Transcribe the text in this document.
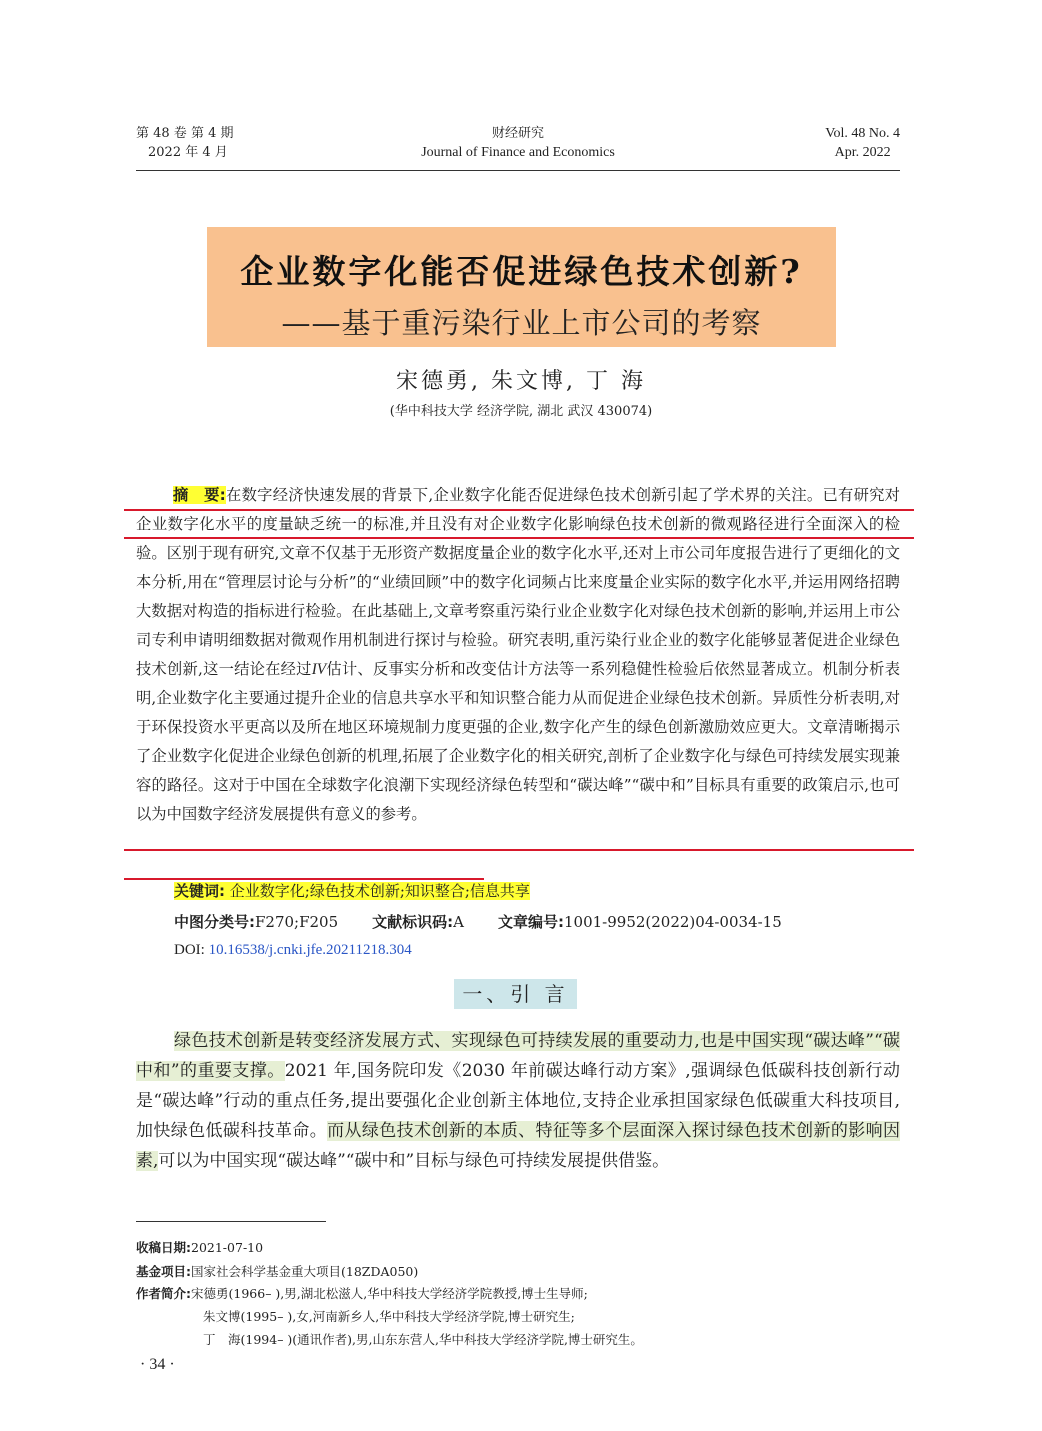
第 48 卷 第 4 期
2022 年 4 月
财经研究
Journal of Finance and Economics
Vol. 48 No. 4
Apr. 2022
企业数字化能否促进绿色技术创新?
——基于重污染行业上市公司的考察
宋德勇, 朱文博, 丁 海
(华中科技大学 经济学院, 湖北 武汉 430074)

摘　要:在数字经济快速发展的背景下,企业数字化能否促进绿色技术创新引起了学术界的关注。已有研究对企业数字化水平的度量缺乏统一的标准,并且没有对企业数字化影响绿色技术创新的微观路径进行全面深入的检验。区别于现有研究,文章不仅基于无形资产数据度量企业的数字化水平,还对上市公司年度报告进行了更细化的文本分析,用在“管理层讨论与分析”的“业绩回顾”中的数字化词频占比来度量企业实际的数字化水平,并运用网络招聘大数据对构造的指标进行检验。在此基础上,文章考察重污染行业企业数字化对绿色技术创新的影响,并运用上市公司专利申请明细数据对微观作用机制进行探讨与检验。研究表明,重污染行业企业的数字化能够显著促进企业绿色技术创新,这一结论在经过IV估计、反事实分析和改变估计方法等一系列稳健性检验后依然显著成立。机制分析表明,企业数字化主要通过提升企业的信息共享水平和知识整合能力从而促进企业绿色技术创新。异质性分析表明,对于环保投资水平更高以及所在地区环境规制力度更强的企业,数字化产生的绿色创新激励效应更大。文章清晰揭示了企业数字化促进企业绿色创新的机理,拓展了企业数字化的相关研究,剖析了企业数字化与绿色可持续发展实现兼容的路径。这对于中国在全球数字化浪潮下实现经济绿色转型和“碳达峰”“碳中和”目标具有重要的政策启示,也可以为中国数字经济发展提供有意义的参考。

关键词: 企业数字化;绿色技术创新;知识整合;信息共享
中图分类号:F270;F205 文献标识码:A 文章编号:1001-9952(2022)04-0034-15
DOI: 10.16538/j.cnki.jfe.20211218.304
一、引 言

绿色技术创新是转变经济发展方式、实现绿色可持续发展的重要动力,也是中国实现“碳达峰”“碳中和”的重要支撑。2021 年,国务院印发《2030 年前碳达峰行动方案》,强调绿色低碳科技创新行动是“碳达峰”行动的重点任务,提出要强化企业创新主体地位,支持企业承担国家绿色低碳重大科技项目,加快绿色低碳科技革命。而从绿色技术创新的本质、特征等多个层面深入探讨绿色技术创新的影响因素,可以为中国实现“碳达峰”“碳中和”目标与绿色可持续发展提供借鉴。

收稿日期:2021-07-10
基金项目:国家社会科学基金重大项目(18ZDA050)
作者简介:宋德勇(1966– ),男,湖北松滋人,华中科技大学经济学院教授,博士生导师;
朱文博(1995– ),女,河南新乡人,华中科技大学经济学院,博士研究生;
丁　海(1994– )(通讯作者),男,山东东营人,华中科技大学经济学院,博士研究生。
· 34 ·
